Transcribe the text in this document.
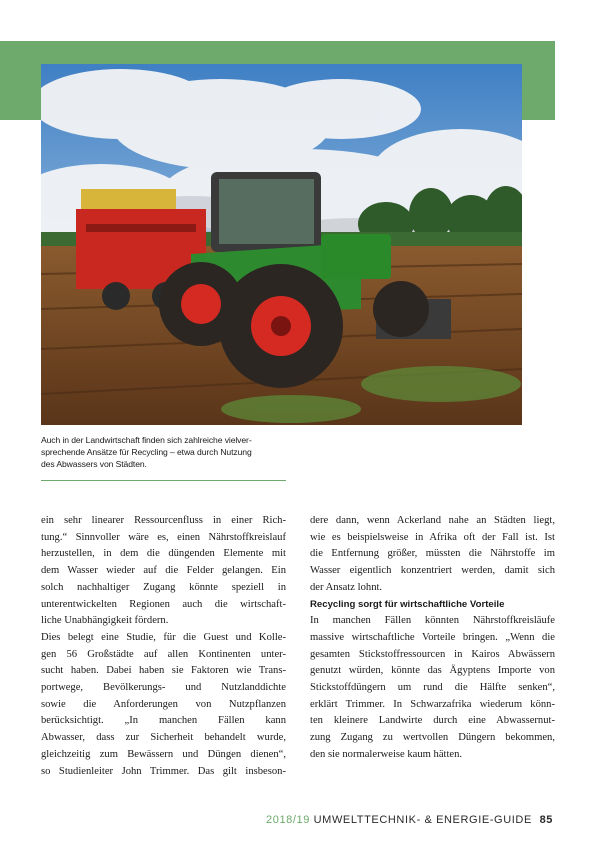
Auch in der Landwirtschaft finden sich zahlreiche vielver-
sprechende Ansätze für Recycling – etwa durch Nutzung
des Abwassers von Städten.

ein sehr linearer Ressourcenfluss in einer Rich-
tung.“ Sinnvoller wäre es, einen Nährstoffkreislauf
herzustellen, in dem die düngenden Elemente mit
dem Wasser wieder auf die Felder gelangen. Ein
solch nachhaltiger Zugang könnte speziell in
unterentwickelten Regionen auch die wirtschaft-
liche Unabhängigkeit fördern.

Dies belegt eine Studie, für die Guest und Kolle-
gen 56 Großstädte auf allen Kontinenten unter-
sucht haben. Dabei haben sie Faktoren wie Trans-
portwege, Bevölkerungs- und Nutzlanddichte
sowie die Anforderungen von Nutzpflanzen
berücksichtigt. „In manchen Fällen kann
Abwasser, dass zur Sicherheit behandelt wurde,
gleichzeitig zum Bewässern und Düngen dienen“,
so Studienleiter John Trimmer. Das gilt insbeson-

dere dann, wenn Ackerland nahe an Städten liegt,
wie es beispielsweise in Afrika oft der Fall ist. Ist
die Entfernung größer, müssten die Nährstoffe im
Wasser eigentlich konzentriert werden, damit sich
der Ansatz lohnt.

Recycling sorgt für wirtschaftliche Vorteile

In manchen Fällen könnten Nährstoffkreisläufe
massive wirtschaftliche Vorteile bringen. „Wenn die
gesamten Stickstoffressourcen in Kairos Abwässern
genutzt würden, könnte das Ägyptens Importe von
Stickstoffdüngern um rund die Hälfte senken“,
erklärt Trimmer. In Schwarzafrika wiederum könn-
ten kleinere Landwirte durch eine Abwassernut-
zung Zugang zu wertvollen Düngern bekommen,
den sie normalerweise kaum hätten.

2018/19 UMWELTTECHNIK- & ENERGIE-GUIDE 85
